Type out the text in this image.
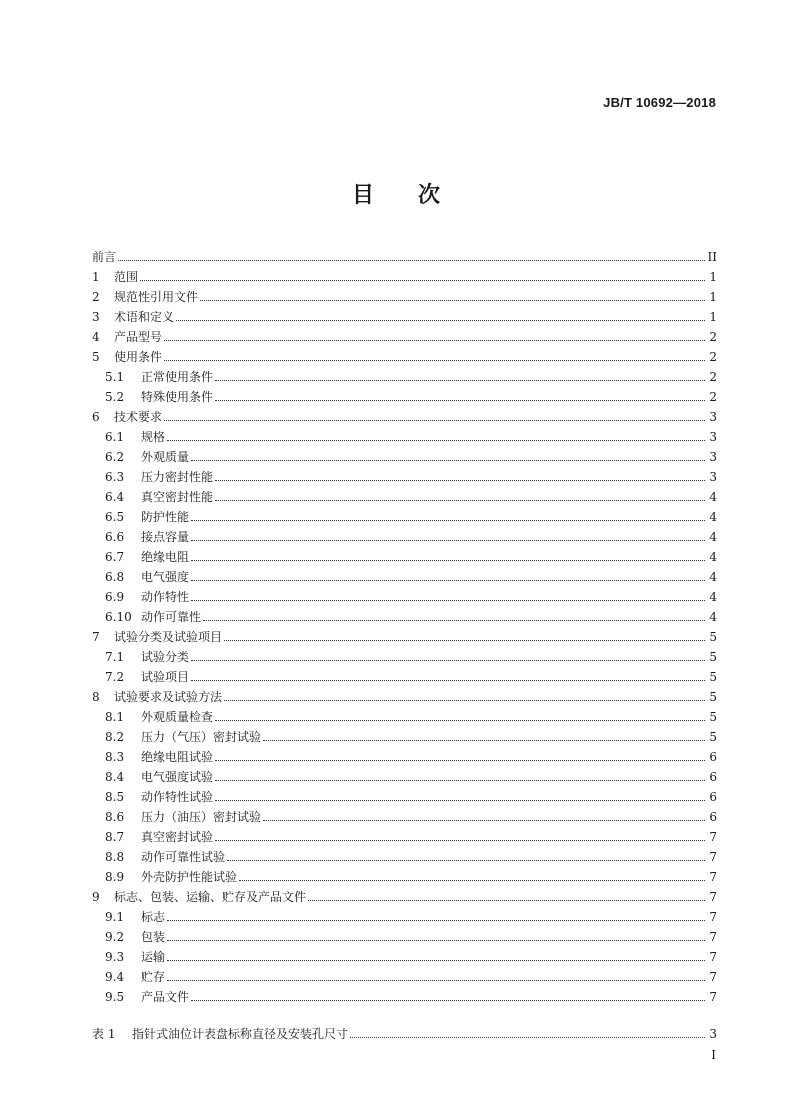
JB/T 10692—2018
目 次
前言	II
1	范围	1
2	规范性引用文件	1
3	术语和定义	1
4	产品型号	2
5	使用条件	2
5.1	正常使用条件	2
5.2	特殊使用条件	2
6	技术要求	3
6.1	规格	3
6.2	外观质量	3
6.3	压力密封性能	3
6.4	真空密封性能	4
6.5	防护性能	4
6.6	接点容量	4
6.7	绝缘电阻	4
6.8	电气强度	4
6.9	动作特性	4
6.10 动作可靠性	4
7	试验分类及试验项目	5
7.1	试验分类	5
7.2	试验项目	5
8	试验要求及试验方法	5
8.1	外观质量检查	5
8.2	压力（气压）密封试验	5
8.3	绝缘电阻试验	6
8.4	电气强度试验	6
8.5	动作特性试验	6
8.6	压力（油压）密封试验	6
8.7	真空密封试验	7
8.8	动作可靠性试验	7
8.9	外壳防护性能试验	7
9	标志、包装、运输、贮存及产品文件	7
9.1	标志	7
9.2	包装	7
9.3	运输	7
9.4	贮存	7
9.5	产品文件	7
表 1	指针式油位计表盘标称直径及安装孔尺寸	3
I
